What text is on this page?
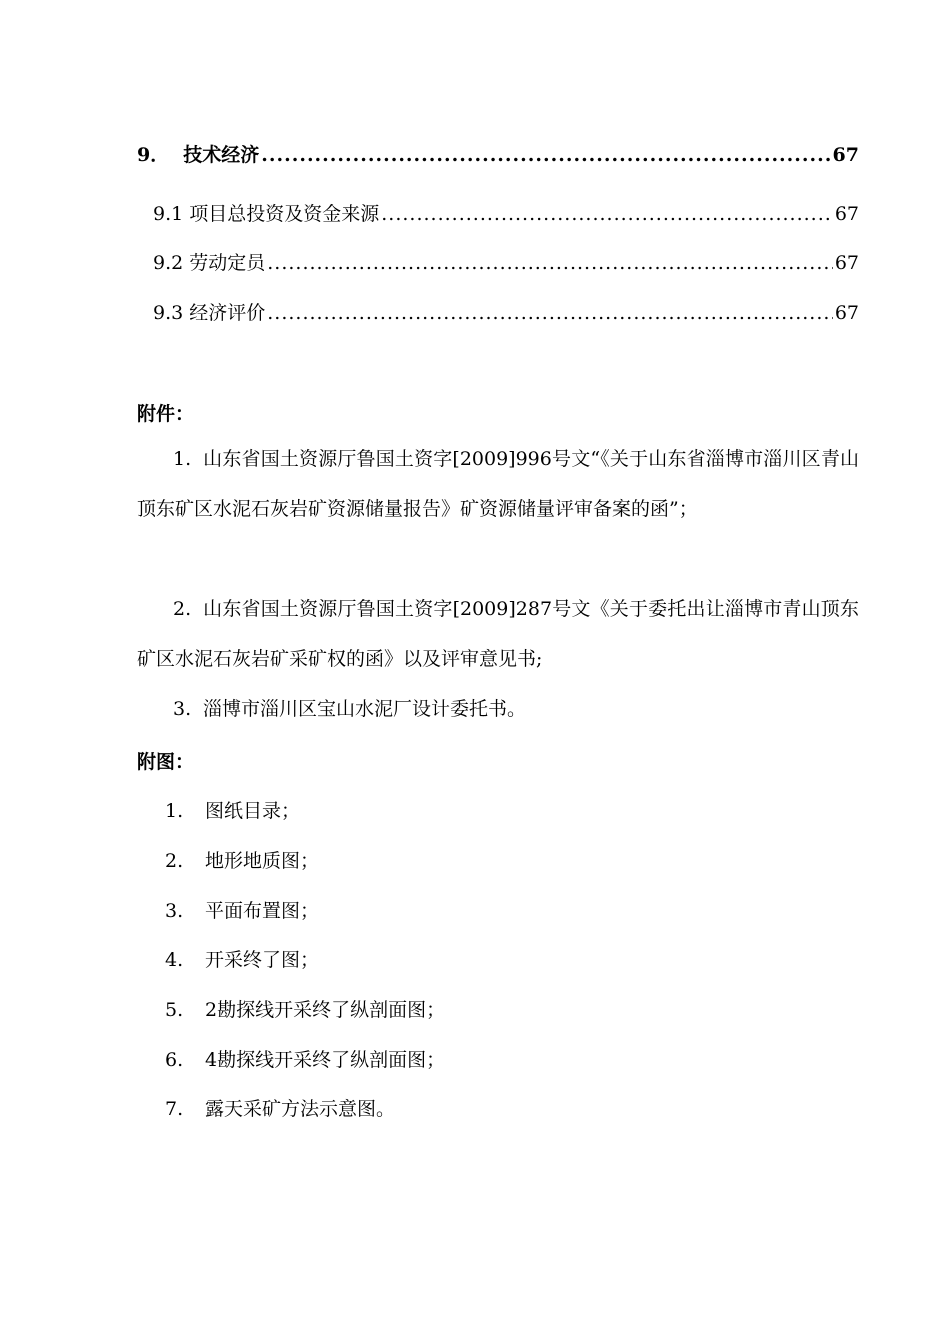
9． 技术经济 .....	67
9.1 项目总投资及资金来源 .....	67
9.2 劳动定员 .....	67
9.3 经济评价 .....	67
附件：
1. 山东省国土资源厅鲁国土资字[2009]996号文“《关于山东省淄博市淄川区青山顶东矿区水泥石灰岩矿资源储量报告》矿资源储量评审备案的函”；
2. 山东省国土资源厅鲁国土资字[2009]287号文《关于委托出让淄博市青山顶东矿区水泥石灰岩矿采矿权的函》以及评审意见书;
3. 淄博市淄川区宝山水泥厂设计委托书。
附图：
1. 图纸目录；
2. 地形地质图；
3. 平面布置图；
4. 开采终了图；
5. 2勘探线开采终了纵剖面图；
6. 4勘探线开采终了纵剖面图；
7. 露天采矿方法示意图。
